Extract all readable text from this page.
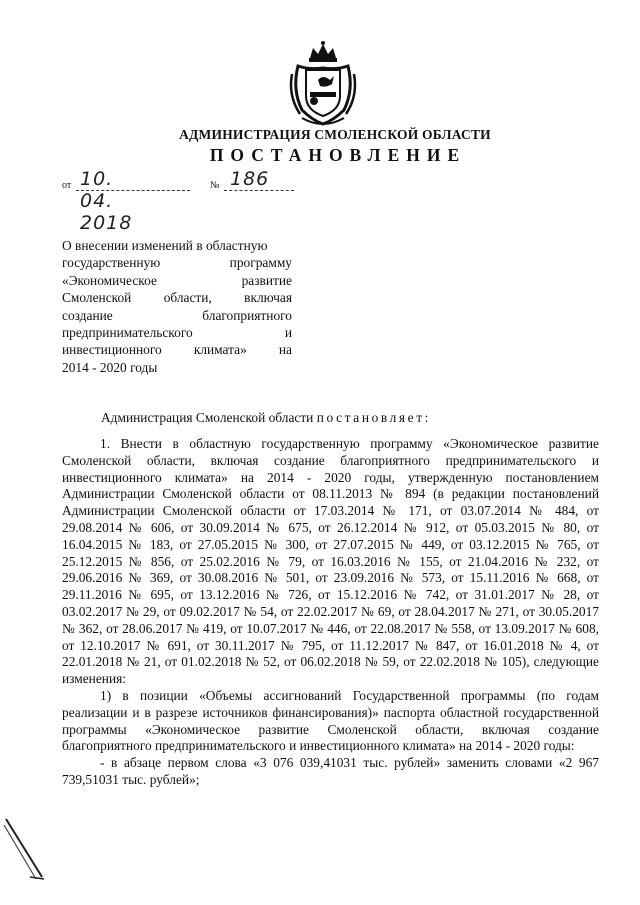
АДМИНИСТРАЦИЯ СМОЛЕНСКОЙ ОБЛАСТИ
ПОСТАНОВЛЕНИЕ
от 10. 04. 2018
№ 186
О внесении изменений в областную
государственную программу
«Экономическое развитие
Смоленской области, включая
создание благоприятного
предпринимательского и
инвестиционного климата» на
2014 - 2020 годы
Администрация Смоленской области постановляет:

1. Внести в областную государственную программу «Экономическое развитие Смоленской области, включая создание благоприятного предпринимательского и инвестиционного климата» на 2014 - 2020 годы, утвержденную постановлением Администрации Смоленской области от 08.11.2013 № 894 (в редакции постановлений Администрации Смоленской области от 17.03.2014 № 171, от 03.07.2014 № 484, от 29.08.2014 № 606, от 30.09.2014 № 675, от 26.12.2014 № 912, от 05.03.2015 № 80, от 16.04.2015 № 183, от 27.05.2015 № 300, от 27.07.2015 № 449, от 03.12.2015 № 765, от 25.12.2015 № 856, от 25.02.2016 № 79, от 16.03.2016 № 155, от 21.04.2016 № 232, от 29.06.2016 № 369, от 30.08.2016 № 501, от 23.09.2016 № 573, от 15.11.2016 № 668, от 29.11.2016 № 695, от 13.12.2016 № 726, от 15.12.2016 № 742, от 31.01.2017 № 28, от 03.02.2017 № 29, от 09.02.2017 № 54, от 22.02.2017 № 69, от 28.04.2017 № 271, от 30.05.2017 № 362, от 28.06.2017 № 419, от 10.07.2017 № 446, от 22.08.2017 № 558, от 13.09.2017 № 608, от 12.10.2017 № 691, от 30.11.2017 № 795, от 11.12.2017 № 847, от 16.01.2018 № 4, от 22.01.2018 № 21, от 01.02.2018 № 52, от 06.02.2018 № 59, от 22.02.2018 № 105), следующие изменения:

1) в позиции «Объемы ассигнований Государственной программы (по годам реализации и в разрезе источников финансирования)» паспорта областной государственной программы «Экономическое развитие Смоленской области, включая создание благоприятного предпринимательского и инвестиционного климата» на 2014 - 2020 годы:

- в абзаце первом слова «3 076 039,41031 тыс. рублей» заменить словами «2 967 739,51031 тыс. рублей»;
